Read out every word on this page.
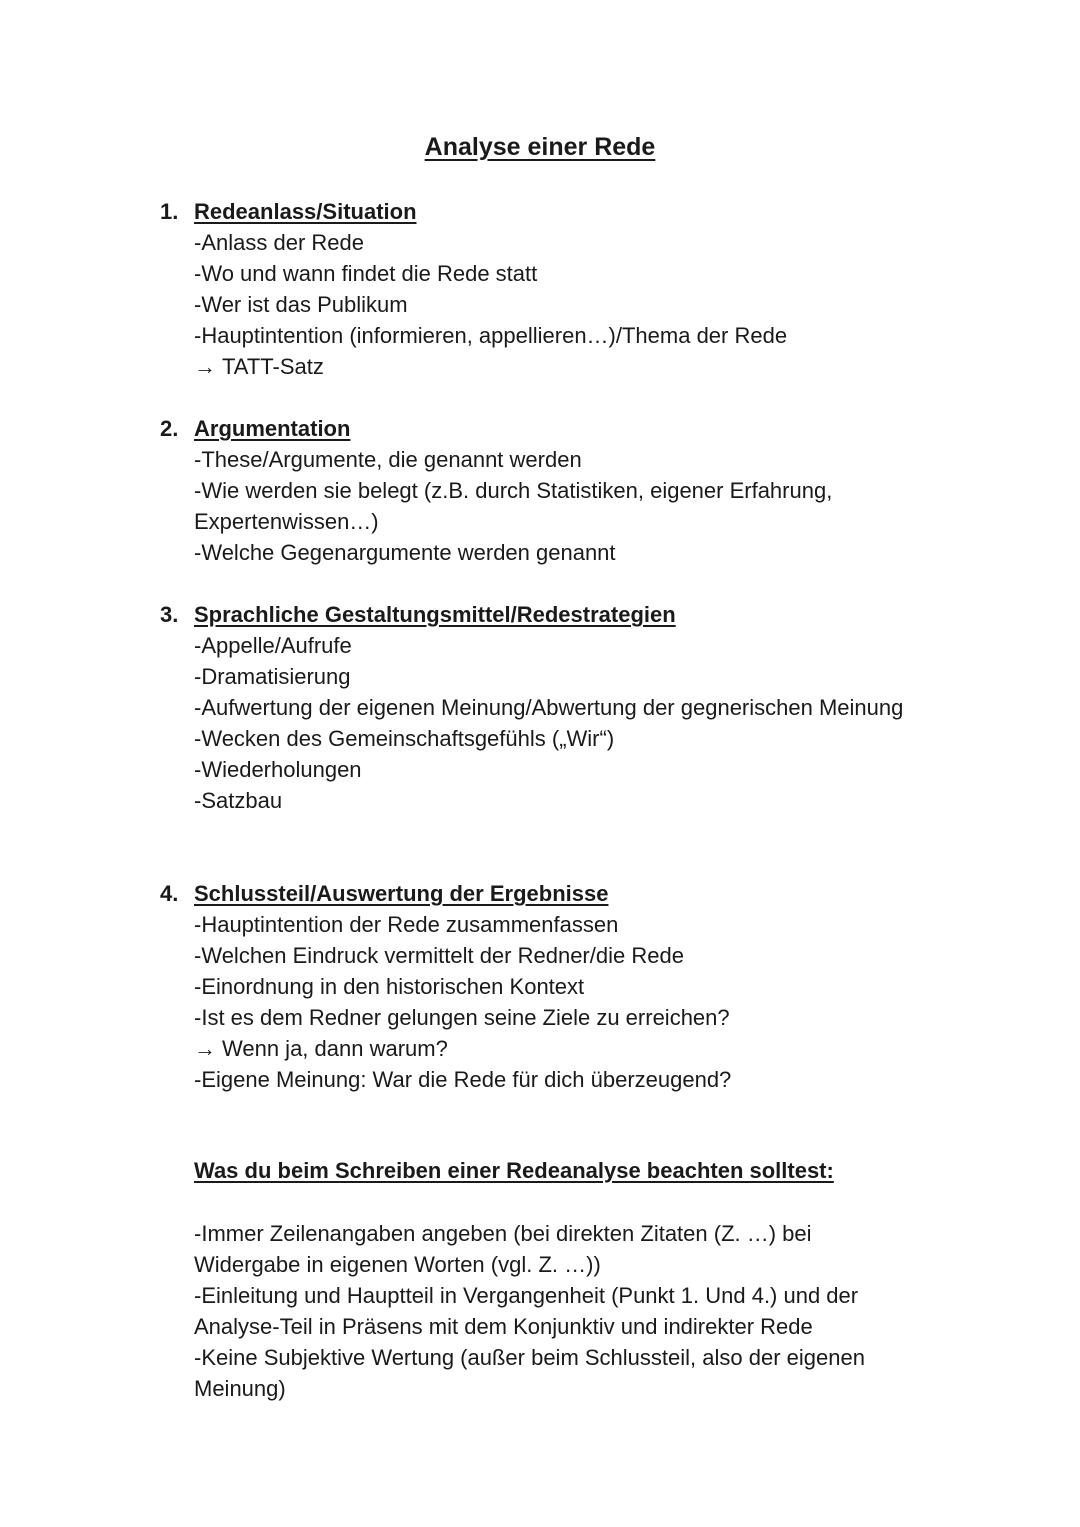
Analyse einer Rede
1. Redeanlass/Situation
-Anlass der Rede
-Wo und wann findet die Rede statt
-Wer ist das Publikum
-Hauptintention (informieren, appellieren…)/Thema der Rede
→ TATT-Satz
2. Argumentation
-These/Argumente, die genannt werden
-Wie werden sie belegt (z.B. durch Statistiken, eigener Erfahrung, Expertenwissen…)
-Welche Gegenargumente werden genannt
3. Sprachliche Gestaltungsmittel/Redestrategien
-Appelle/Aufrufe
-Dramatisierung
-Aufwertung der eigenen Meinung/Abwertung der gegnerischen Meinung
-Wecken des Gemeinschaftsgefühls („Wir“)
-Wiederholungen
-Satzbau
4. Schlussteil/Auswertung der Ergebnisse
-Hauptintention der Rede zusammenfassen
-Welchen Eindruck vermittelt der Redner/die Rede
-Einordnung in den historischen Kontext
-Ist es dem Redner gelungen seine Ziele zu erreichen?
→ Wenn ja, dann warum?
-Eigene Meinung: War die Rede für dich überzeugend?
Was du beim Schreiben einer Redeanalyse beachten solltest:
-Immer Zeilenangaben angeben (bei direkten Zitaten (Z. …) bei Widergabe in eigenen Worten (vgl. Z. …))
-Einleitung und Hauptteil in Vergangenheit (Punkt 1. Und 4.) und der Analyse-Teil in Präsens mit dem Konjunktiv und indirekter Rede
-Keine Subjektive Wertung (außer beim Schlussteil, also der eigenen Meinung)
